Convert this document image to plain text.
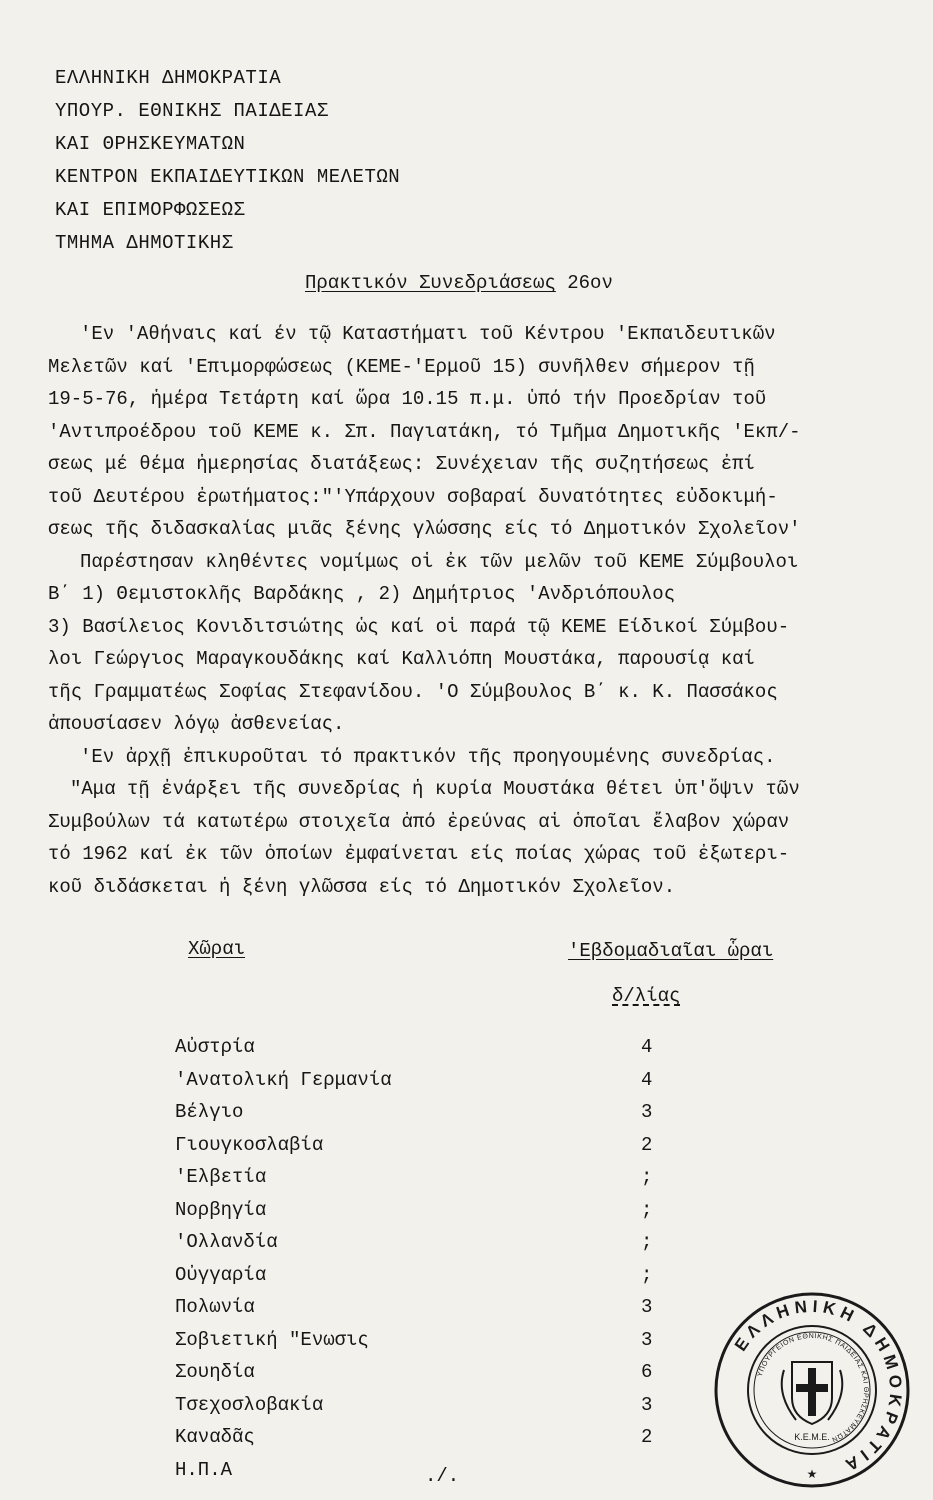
ΕΛΛΗΝΙΚΗ ΔΗΜΟΚΡΑΤΙΑ
ΥΠΟΥΡ. ΕΘΝΙΚΗΣ ΠΑΙΔΕΙΑΣ
ΚΑΙ ΘΡΗΣΚΕΥΜΑΤΩΝ
ΚΕΝΤΡΟΝ ΕΚΠΑΙΔΕΥΤΙΚΩΝ ΜΕΛΕΤΩΝ
ΚΑΙ ΕΠΙΜΟΡΦΩΣΕΩΣ
ΤΜΗΜΑ ΔΗΜΟΤΙΚΗΣ
Πρακτικόν Συνεδριάσεως 26ον
'Εν 'Αθήναις καί έν τῷ Καταστήματι τοῦ Κέντρου 'Εκπαιδευτικῶν
Μελετῶν καί 'Επιμορφώσεως (ΚΕΜΕ-'Ερμοῦ 15) συνῆλθεν σήμερον τῇ
19-5-76, ἡμέρα Τετάρτη καί ὥρα 10.15 π.μ. ὑπό τήν Προεδρίαν τοῦ
'Αντιπροέδρου τοῦ ΚΕΜΕ κ. Σπ. Παγιατάκη, τό Τμῆμα Δημοτικῆς 'Εκπ/-
σεως μέ θέμα ἡμερησίας διατάξεως: Συνέχειαν τῆς συζητήσεως ἐπί
τοῦ Δευτέρου ἐρωτήματος:"'Υπάρχουν σοβαραί δυνατότητες εὐδοκιμή-
σεως τῆς διδασκαλίας μιᾶς ξένης γλώσσης είς τό Δημοτικόν Σχολεῖον'
Παρέστησαν κληθέντες νομίμως οἱ ἐκ τῶν μελῶν τοῦ ΚΕΜΕ Σύμβουλοι
Β΄ 1) Θεμιστοκλῆς Βαρδάκης , 2) Δημήτριος 'Ανδριόπουλος
3) Βασίλειος Κονιδιτσιώτης ὡς καί οἱ παρά τῷ ΚΕΜΕ Είδικοί Σύμβου-
λοι Γεώργιος Μαραγκουδάκης καί Καλλιόπη Μουστάκα, παρουσίᾳ καί
τῆς Γραμματέως Σοφίας Στεφανίδου. 'Ο Σύμβουλος Β΄ κ. Κ. Πασσάκος
ἀπουσίασεν λόγῳ ἀσθενείας.
'Εν ἀρχῇ ἐπικυροῦται τό πρακτικόν τῆς προηγουμένης συνεδρίας.
"Αμα τῇ ἐνάρξει τῆς συνεδρίας ἡ κυρία Μουστάκα θέτει ὑπ'ὄψιν τῶν
Συμβούλων τά κατωτέρω στοιχεῖα ἀπό ἐρεύνας αἱ ὁποῖαι ἔλαβον χώραν
τό 1962 καί ἐκ τῶν ὁποίων ἐμφαίνεται είς ποίας χώρας τοῦ ἐξωτερι-
κοῦ διδάσκεται ἡ ξένη γλῶσσα είς τό Δημοτικόν Σχολεῖον.
Χῶραι	'Εβδομαδιαῖαι ὧραι
δ/λίας
Αὐστρία	4
'Ανατολική Γερμανία	4
Βέλγιο	3
Γιουγκοσλαβία	2
'Ελβετία	;
Νορβηγία	;
'Ολλανδία	;
Οὐγγαρία	;
Πολωνία	3
Σοβιετική "Ενωσις	3
Σουηδία	6
Τσεχοσλοβακία	3
Καναδᾶς	2
Η.Π.Α	./.
ΕΛΛΗΝΙΚΗ ΔΗΜΟΚΡΑΤΙΑ
ΥΠΟΥΡΓΕΙΟΝ ΕΘΝΙΚΗΣ ΠΑΙΔΕΙΑΣ ΚΑΙ ΘΡΗΣΚΕΥΜΑΤΩΝ
Κ.Ε.Μ.Ε.
★
